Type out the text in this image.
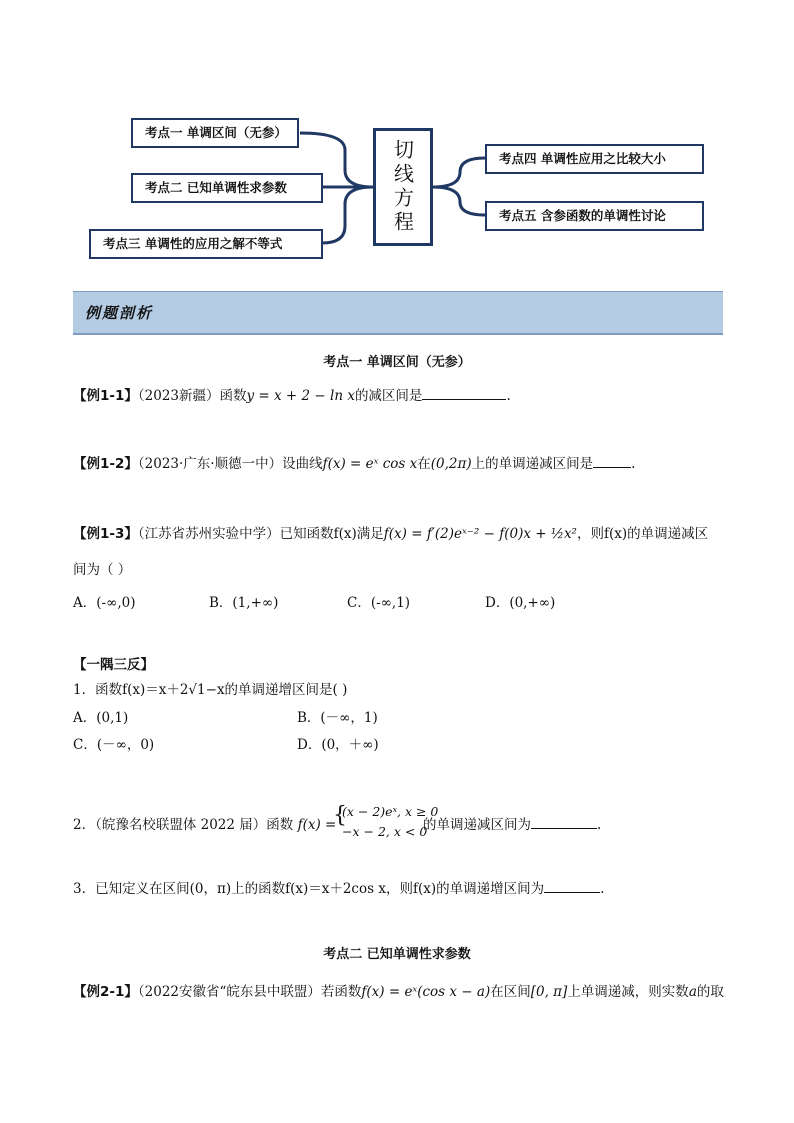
考点一 单调区间（无参）
考点二 已知单调性求参数
考点三 单调性的应用之解不等式
切线方程	考点四 单调性应用之比较大小
考点五 含参函数的单调性讨论
例题剖析
考点一 单调区间（无参）
【例1-1】（2023新疆）函数y = x + 2 − ln x的减区间是	.
【例1-2】（2023·广东·顺德一中）设曲线f(x) = eˣ cos x在(0,2π)上的单调递减区间是	.
【例1-3】（江苏省苏州实验中学）已知函数f(x)满足f(x) = f′(2)eˣ⁻² − f(0)x + ½x²，则f(x)的单调递减区
间为（ ）
A．(-∞,0)	B．(1,+∞)	C．(-∞,1)	D．(0,+∞)
【一隅三反】
1．函数f(x)＝x＋2√1−x的单调递增区间是( )
A．(0,1)	B．(－∞，1)
C．(－∞，0)	D．(0，＋∞)
2．（皖豫名校联盟体 2022 届）函数 f(x) =
{
(x − 2)eˣ, x ≥ 0
−x − 2, x < 0
的单调递减区间为	.
3．已知定义在区间(0，π)上的函数f(x)＝x＋2cos x，则f(x)的单调递增区间为	.
考点二 已知单调性求参数
【例2-1】（2022安徽省“皖东县中联盟）若函数f(x) = eˣ(cos x − a)在区间[0, π]上单调递减，则实数a的取
